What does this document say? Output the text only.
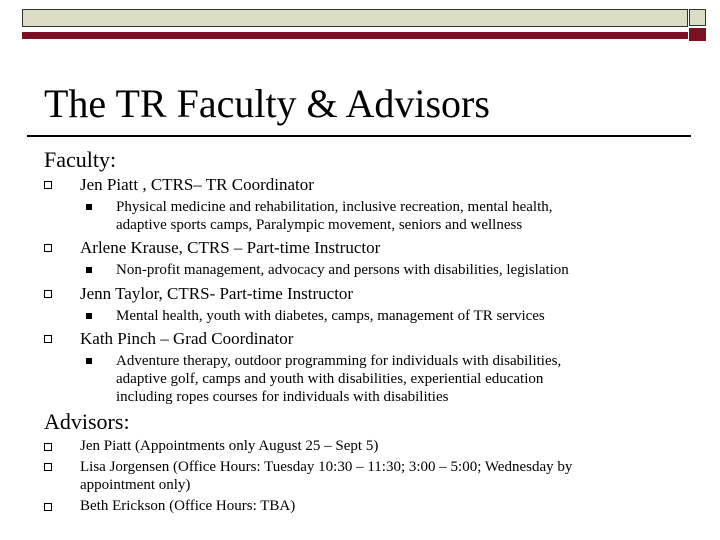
The TR Faculty & Advisors
Faculty:
Jen Piatt , CTRS– TR Coordinator
Physical medicine and rehabilitation, inclusive recreation, mental health,
adaptive sports camps, Paralympic movement, seniors and wellness
Arlene Krause, CTRS – Part-time Instructor
Non-profit management, advocacy and persons with disabilities, legislation
Jenn Taylor, CTRS- Part-time Instructor
Mental health, youth with diabetes, camps, management of TR services
Kath Pinch – Grad Coordinator
Adventure therapy, outdoor programming for individuals with disabilities,
adaptive golf, camps and youth with disabilities, experiential education
including ropes courses for individuals with disabilities
Advisors:
Jen Piatt (Appointments only August 25 – Sept 5)
Lisa Jorgensen (Office Hours: Tuesday 10:30 – 11:30; 3:00 – 5:00; Wednesday by
appointment only)
Beth Erickson (Office Hours: TBA)
